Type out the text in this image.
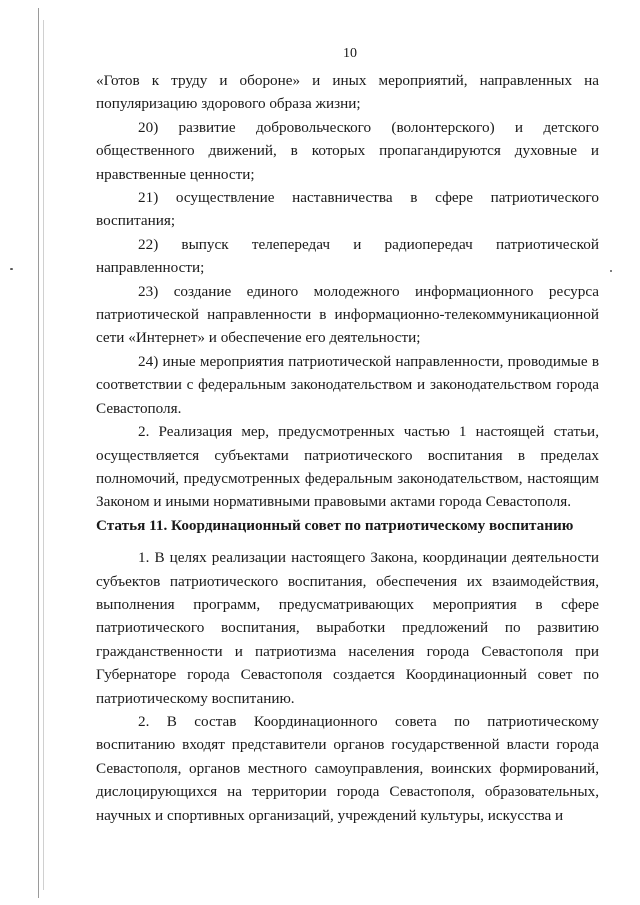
10

«Готов к труду и обороне» и иных мероприятий, направленных на популяризацию здорового образа жизни;

20) развитие добровольческого (волонтерского) и детского общественного движений, в которых пропагандируются духовные и нравственные ценности;

21) осуществление наставничества в сфере патриотического воспитания;

22) выпуск телепередач и радиопередач патриотической направленности;

23) создание единого молодежного информационного ресурса патриотической направленности в информационно-телекоммуникационной сети «Интернет» и обеспечение его деятельности;

24) иные мероприятия патриотической направленности, проводимые в соответствии с федеральным законодательством и законодательством города Севастополя.

2. Реализация мер, предусмотренных частью 1 настоящей статьи, осуществляется субъектами патриотического воспитания в пределах полномочий, предусмотренных федеральным законодательством, настоящим Законом и иными нормативными правовыми актами города Севастополя.

Статья 11. Координационный совет по патриотическому воспитанию

1. В целях реализации настоящего Закона, координации деятельности субъектов патриотического воспитания, обеспечения их взаимодействия, выполнения программ, предусматривающих мероприятия в сфере патриотического воспитания, выработки предложений по развитию гражданственности и патриотизма населения города Севастополя при Губернаторе города Севастополя создается Координационный совет по патриотическому воспитанию.

2. В состав Координационного совета по патриотическому воспитанию входят представители органов государственной власти города Севастополя, органов местного самоуправления, воинских формирований, дислоцирующихся на территории города Севастополя, образовательных, научных и спортивных организаций, учреждений культуры, искусства и
